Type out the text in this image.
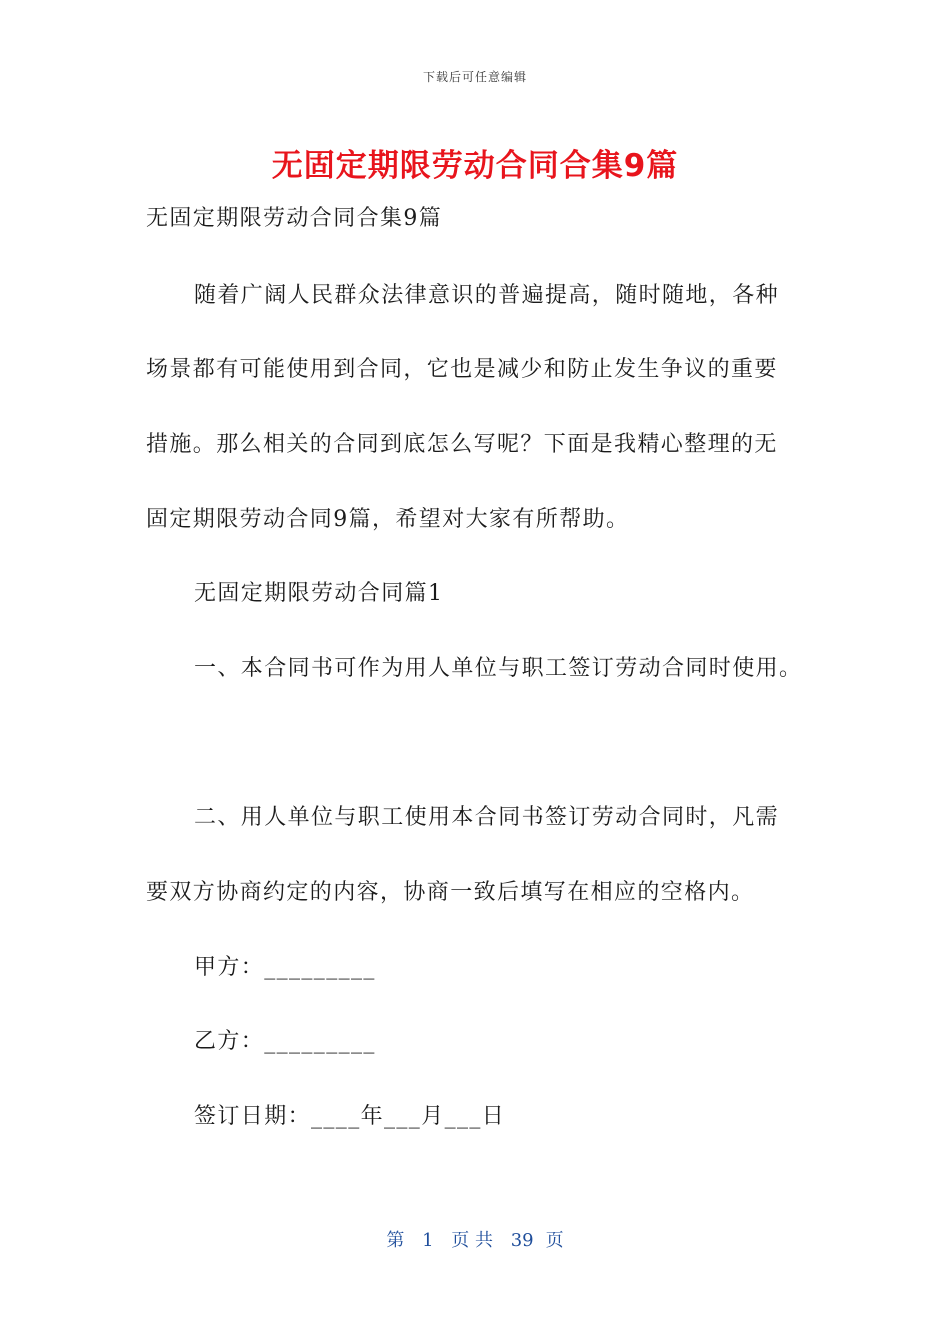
下载后可任意编辑
无固定期限劳动合同合集9篇
无固定期限劳动合同合集9篇
随着广阔人民群众法律意识的普遍提高，随时随地，各种
场景都有可能使用到合同，它也是减少和防止发生争议的重要
措施。那么相关的合同到底怎么写呢？下面是我精心整理的无
固定期限劳动合同9篇，希望对大家有所帮助。
无固定期限劳动合同篇1
一、本合同书可作为用人单位与职工签订劳动合同时使用。
二、用人单位与职工使用本合同书签订劳动合同时，凡需
要双方协商约定的内容，协商一致后填写在相应的空格内。
甲方：_________
乙方：_________
签订日期：____年___月___日
第 1 页 共 39 页
